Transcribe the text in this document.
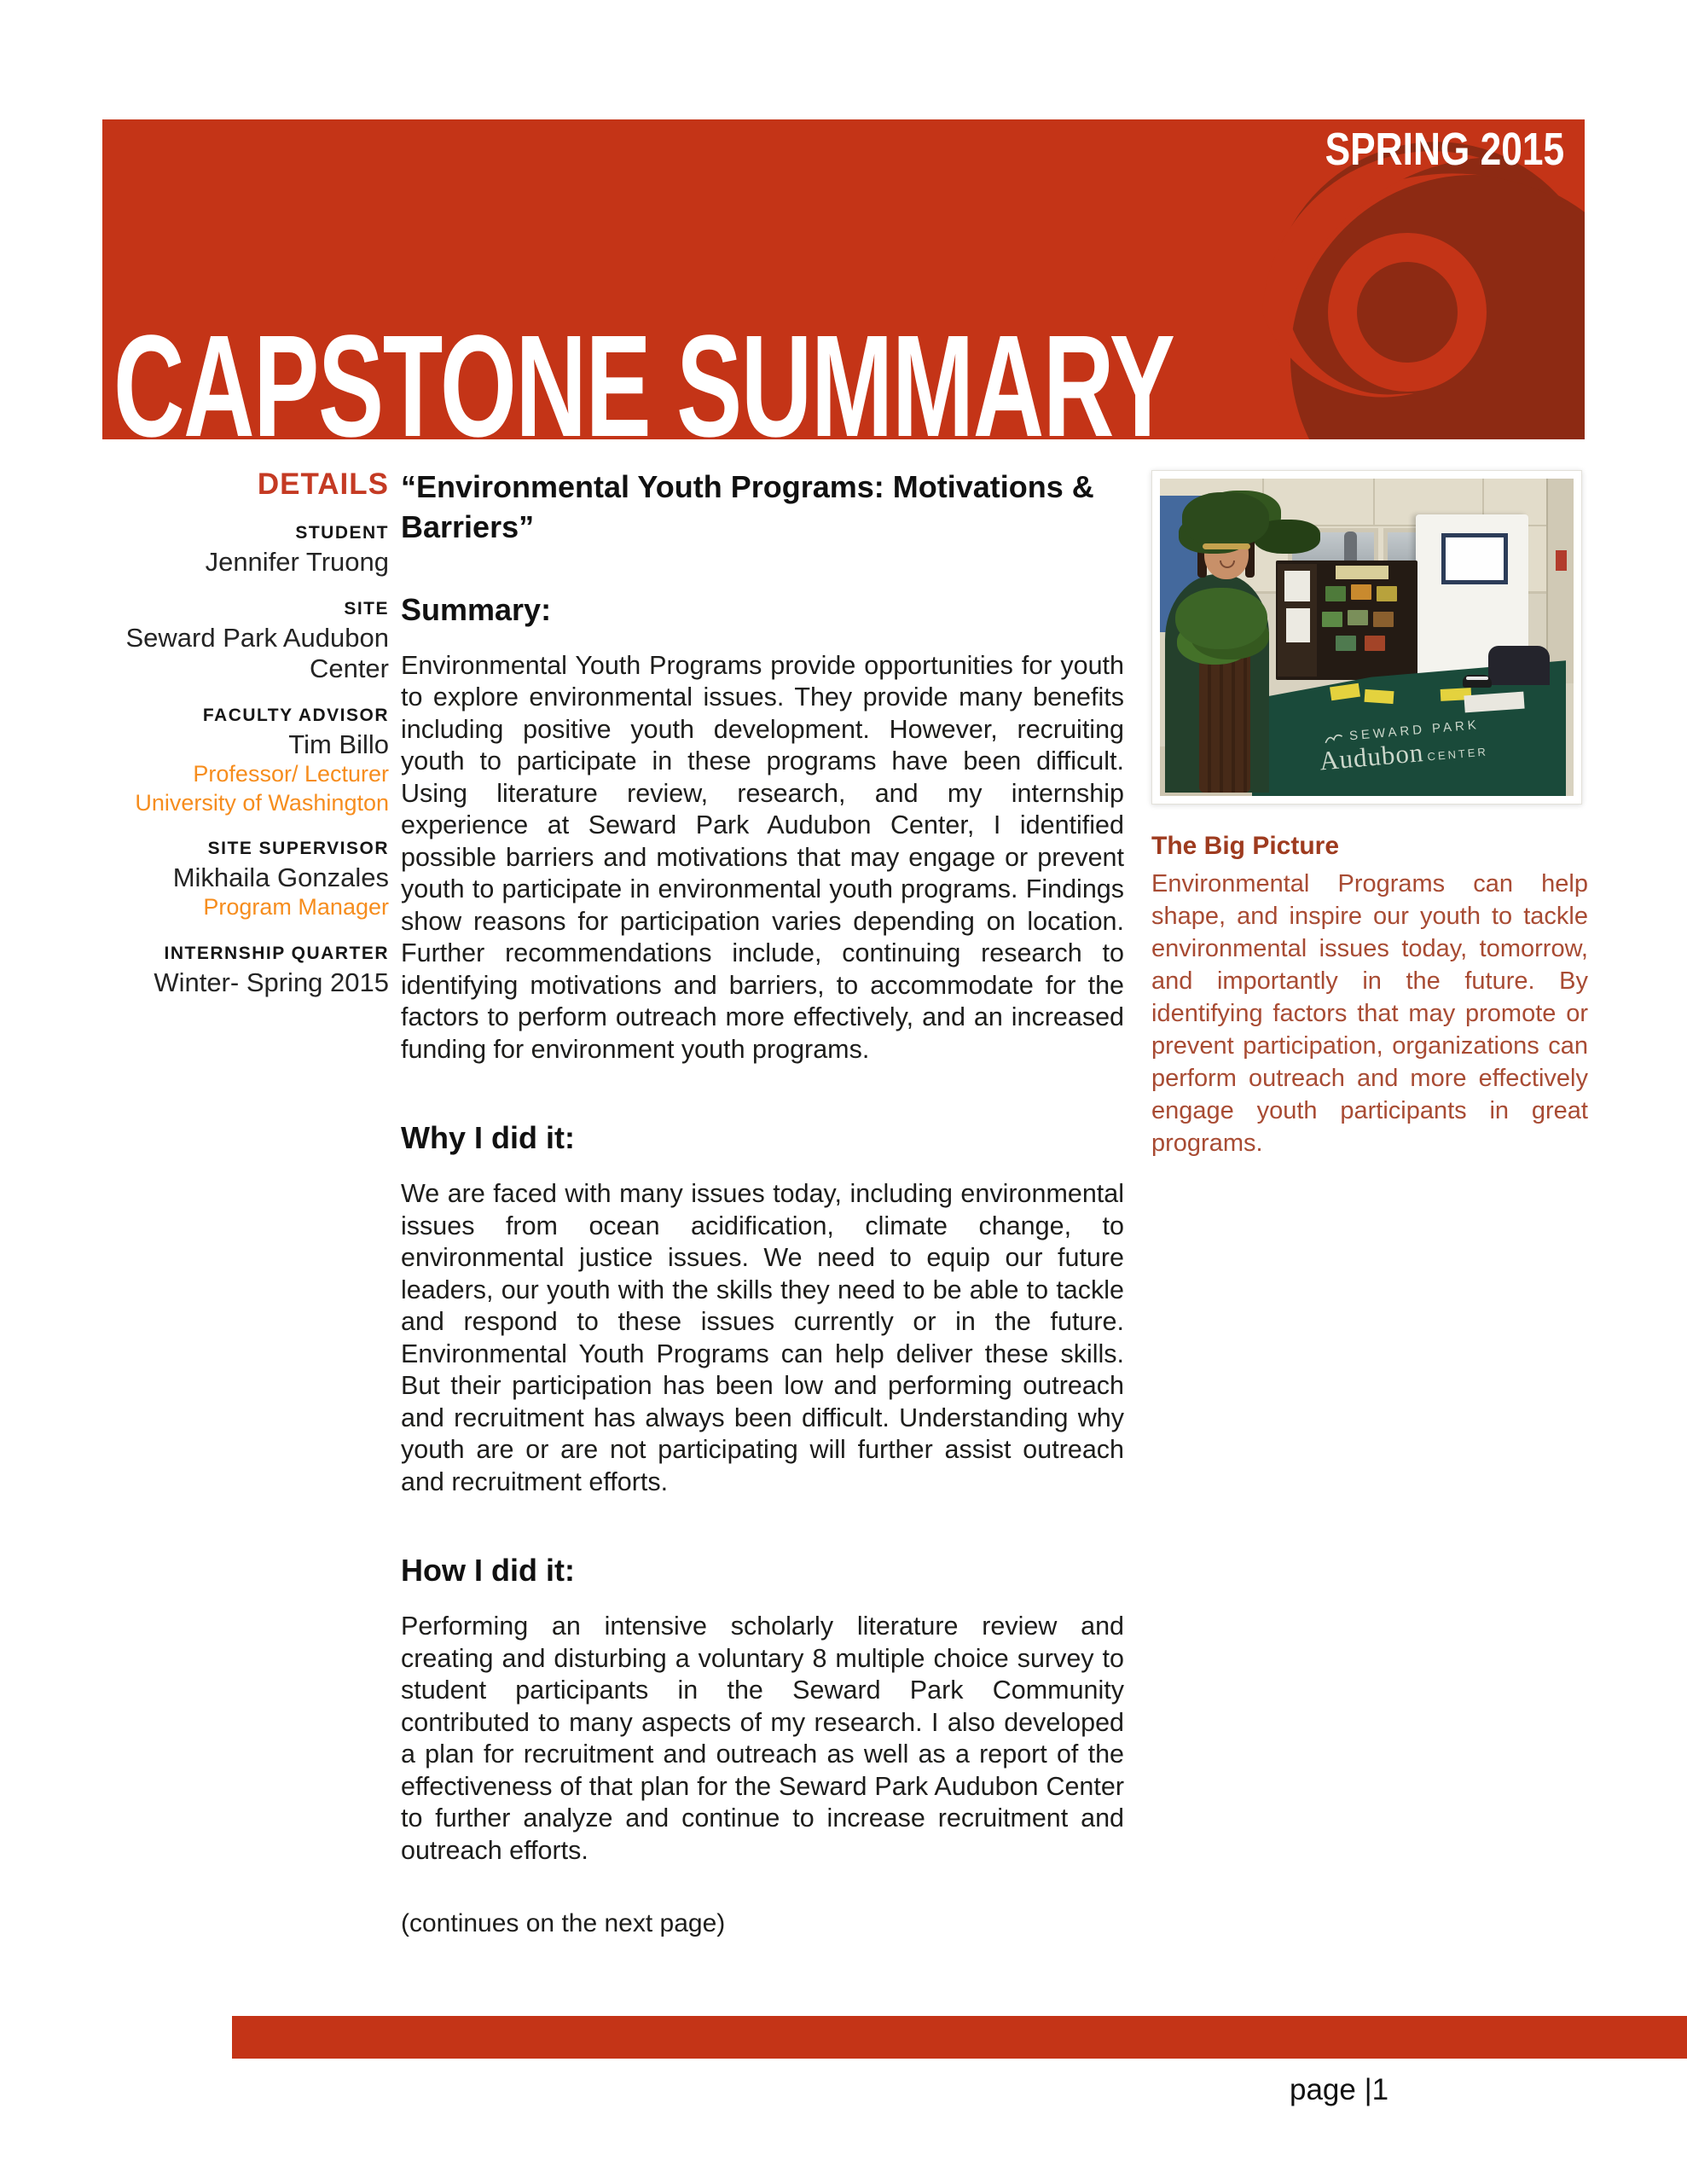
SPRING 2015
CAPSTONE SUMMARY
DETAILS
STUDENT
Jennifer Truong
SITE
Seward Park Audubon Center
FACULTY ADVISOR
Tim Billo
Professor/ Lecturer
University of Washington
SITE SUPERVISOR
Mikhaila Gonzales
Program Manager
INTERNSHIP QUARTER
Winter- Spring 2015
“Environmental Youth Programs: Motivations & Barriers”
Summary:

Environmental Youth Programs provide opportunities for youth to explore environmental issues. They provide many benefits including positive youth development. However, recruiting youth to participate in these programs have been difficult. Using literature review, research, and my internship experience at Seward Park Audubon Center, I identified possible barriers and motivations that may engage or prevent youth to participate in environmental youth programs. Findings show reasons for participation varies depending on location. Further recommendations include, continuing research to identifying motivations and barriers, to accommodate for the factors to perform outreach more effectively, and an increased funding for environment youth programs.

Why I did it:

We are faced with many issues today, including environmental issues from ocean acidification, climate change, to environmental justice issues. We need to equip our future leaders, our youth with the skills they need to be able to tackle and respond to these issues currently or in the future. Environmental Youth Programs can help deliver these skills. But their participation has been low and performing outreach and recruitment has always been difficult. Understanding why youth are or are not participating will further assist outreach and recruitment efforts.

How I did it:

Performing an intensive scholarly literature review and creating and disturbing a voluntary 8 multiple choice survey to student participants in the Seward Park Community contributed to many aspects of my research. I also developed a plan for recruitment and outreach as well as a report of the effectiveness of that plan for the Seward Park Audubon Center to further analyze and continue to increase recruitment and outreach efforts.

(continues on the next page)
SEWARD PARK
Audubon CENTER
The Big Picture

Environmental Programs can help shape, and inspire our youth to tackle environmental issues today, tomorrow, and importantly in the future. By identifying factors that may promote or prevent participation, organizations can perform outreach and more effectively engage youth participants in great programs.

page |1
